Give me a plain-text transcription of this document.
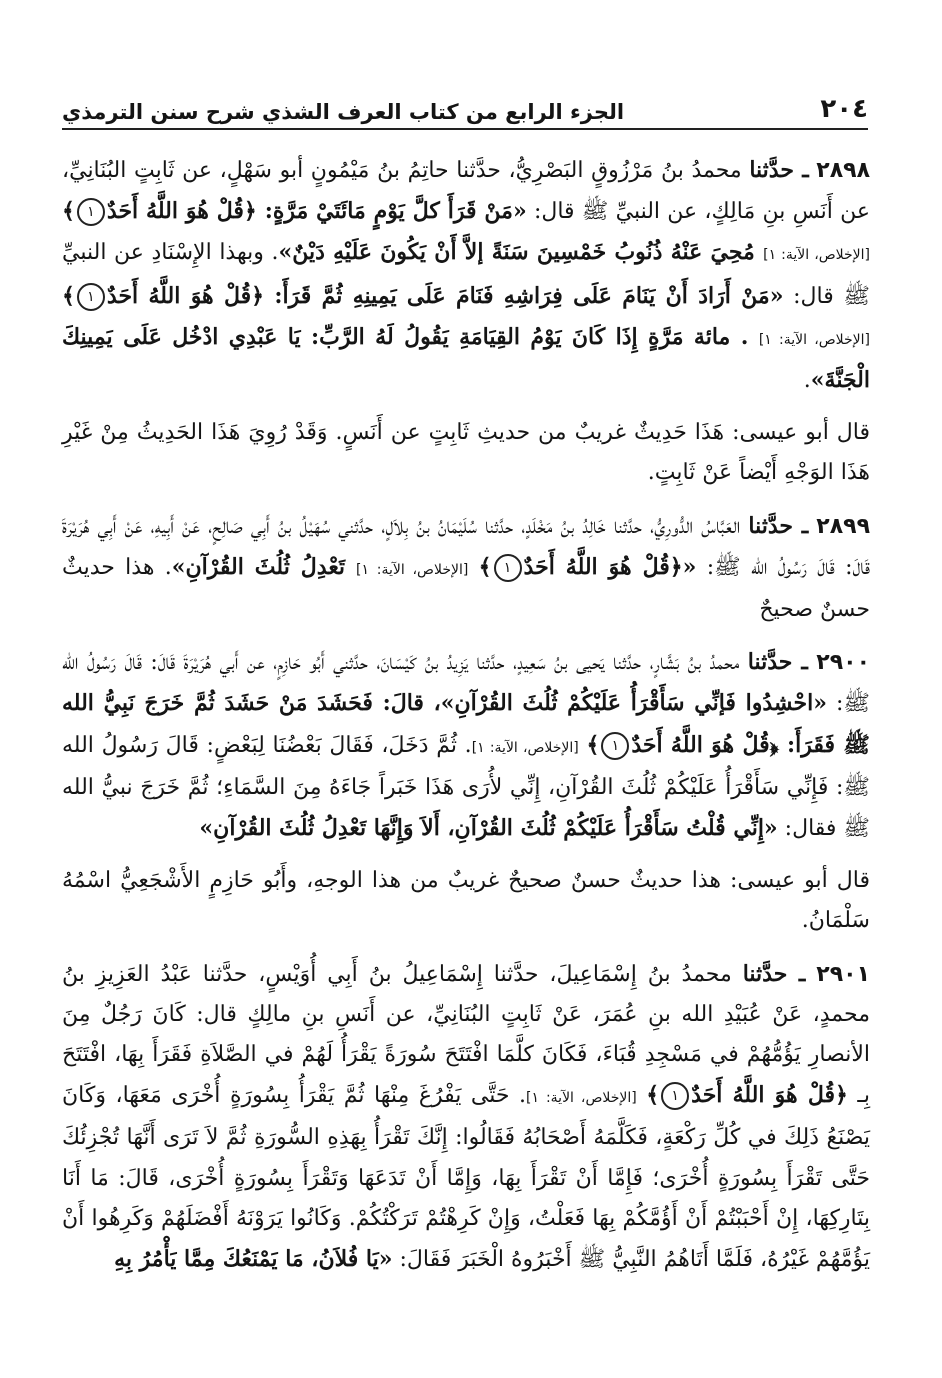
٢٠٤
الجزء الرابع من كتاب العرف الشذي شرح سنن الترمذي

٢٨٩٨ ـ حدَّثنا محمدُ بنُ مَرْزُوقٍ البَصْرِيُّ، حدَّثنا حاتِمُ بنُ مَيْمُونٍ أبو سَهْلٍ، عن ثَابِتٍ البُنَانِيِّ، عن أَنَسِ بنِ مَالِكٍ، عن النبيِّ ﷺ قال: «مَنْ قَرَأَ كلَّ يَوْمٍ مَائَتَيْ مَرَّةٍ: ﴿قُلْ هُوَ اللَّهُ أَحَدٌ١﴾ [الإخلاص، الآية: ١] مُحِيَ عَنْهُ ذُنُوبُ خَمْسِينَ سَنَةً إلاَّ أَنْ يَكُونَ عَلَيْهِ دَيْنٌ». وبهذا الإِسْنَادِ عن النبيِّ ﷺ قال: «مَنْ أَرَادَ أَنْ يَنَامَ عَلَى فِرَاشِهِ فَنَامَ عَلَى يَمِينِهِ ثُمَّ قَرَأَ: ﴿قُلْ هُوَ اللَّهُ أَحَدٌ١﴾ [الإخلاص، الآية: ١] . مائة مَرَّةٍ إِذَا كَانَ يَوْمُ القِيَامَةِ يَقُولُ لَهُ الرَّبِّ: يَا عَبْدِي ادْخُل عَلَى يَمِينِكَ الْجَنَّةَ».

قال أبو عيسى: هَذَا حَدِيثٌ غريبٌ من حديثِ ثَابِتٍ عن أَنَسٍ. وَقَدْ رُوِيَ هَذَا الحَدِيثُ مِنْ غَيْرِ هَذَا الوَجْهِ أَيْضاً عَنْ ثَابِتٍ.

٢٨٩٩ ـ حدَّثنا العَبَّاسُ الدُّورِيُّ، حدَّثنا خَالِدُ بنُ مَخْلَدٍ، حدَّثنا سُلَيْمَانُ بنُ بِلاَلٍ، حدَّثني سُهَيْلُ بنُ أَبِي صَالِحٍ، عَنْ أَبِيهِ، عَنْ أَبِي هُرَيْرَةَ قَالَ: قَالَ رَسُولُ الله ﷺ: «﴿قُلْ هُوَ اللَّهُ أَحَدٌ١﴾ [الإخلاص، الآية: ١] تَعْدِلُ ثُلُثَ القُرْآنِ». هذا حديثٌ حسنٌ صحيحٌ

٢٩٠٠ ـ حدَّثنا محمدُ بنُ بَشَّارٍ، حدَّثنا يَحيى بنُ سَعِيدٍ، حدَّثنا يَزِيدُ بنُ كَيْسَانَ، حدَّثني أَبُو حَازِمٍ، عن أَبي هُرَيْرَةَ قَالَ: قَالَ رَسُولُ الله ﷺ: «احْشِدُوا فَإنِّي سَأَقْرَأُ عَلَيْكُمْ ثُلُثَ القُرْآنِ»، قالَ: فَحَشَدَ مَنْ حَشَدَ ثُمَّ خَرَجَ نَبِيُّ الله ﷺ فَقَرَأَ: ﴿قُلْ هُوَ اللَّهُ أَحَدٌ١﴾ [الإخلاص، الآية: ١]. ثُمَّ دَخَلَ، فَقَالَ بَعْضُنَا لِبَعْضٍ: قَالَ رَسُولُ الله ﷺ: فَإِنِّي سَأَقْرَأُ عَلَيْكُمْ ثُلُثَ القُرْآنِ، إِنِّي لأُرَى هَذَا خَبَراً جَاءَهُ مِنَ السَّمَاءِ؛ ثُمَّ خَرَجَ نبيُّ الله ﷺ فقال: «إِنِّي قُلْتُ سَأَقْرَأُ عَلَيْكُمْ ثُلُثَ القُرْآنِ، أَلاَ وَإِنَّهَا تَعْدِلُ ثُلُثَ القُرْآنِ»

قال أبو عيسى: هذا حديثٌ حسنٌ صحيحٌ غريبٌ من هذا الوجهِ، وأَبُو حَازِمٍ الأَشْجَعِيُّ اسْمُهُ سَلْمَانُ.

٢٩٠١ ـ حدَّثنا محمدُ بنُ إِسْمَاعِيلَ، حدَّثنا إِسْمَاعِيلُ بنُ أَبِي أُوَيْسٍ، حدَّثنا عَبْدُ العَزِيزِ بنُ محمدٍ، عَنْ عُبَيْدِ الله بنِ عُمَرَ، عَنْ ثَابِتٍ البُنَانِيِّ، عن أَنَسِ بنِ مالِكٍ قال: كَانَ رَجُلٌ مِنَ الأنصارِ يَؤُمُّهُمْ في مَسْجِدِ قُبَاءَ، فَكَانَ كلَّمَا افْتَتَحَ سُورَةً يَقْرَأُ لَهُمْ في الصَّلاَةِ فَقَرَأَ بِهَا، افْتَتَحَ بِـ ﴿قُلْ هُوَ اللَّهُ أَحَدٌ١﴾ [الإخلاص، الآية: ١]. حَتَّى يَفْرُغَ مِنْهَا ثُمَّ يَقْرَأُ بِسُورَةٍ أُخْرَى مَعَهَا، وَكَانَ يَصْنَعُ ذَلِكَ في كُلِّ رَكْعَةٍ، فَكَلَّمَهُ أَصْحَابُهُ فَقَالُوا: إِنَّكَ تَقْرَأُ بِهَذِهِ السُّورَةِ ثُمَّ لاَ تَرَى أَنَّهَا تُجْزِئُكَ حَتَّى تَقْرَأَ بِسُورَةٍ أُخْرَى؛ فَإِمَّا أَنْ تَقْرَأَ بِهَا، وَإِمَّا أَنْ تَدَعَهَا وَتَقْرَأَ بِسُورَةٍ أُخْرَى، قَالَ: مَا أَنَا بِتَارِكِهَا، إِنْ أَحْبَبْتُمْ أَنْ أَؤُمَّكُمْ بِهَا فَعَلْتُ، وَإِنْ كَرِهْتُمْ تَرَكْتُكُمْ. وَكَانُوا يَرَوْنَهُ أَفْضَلَهُمْ وَكَرِهُوا أَنْ يَؤُمَّهُمْ غَيْرُهُ، فَلَمَّا أَتَاهُمُ النَّبِيُّ ﷺ أَخْبَرُوهُ الْخَبَرَ فَقَالَ: «يَا فُلاَنُ، مَا يَمْنَعُكَ مِمَّا يَأْمُرُ بِهِ
